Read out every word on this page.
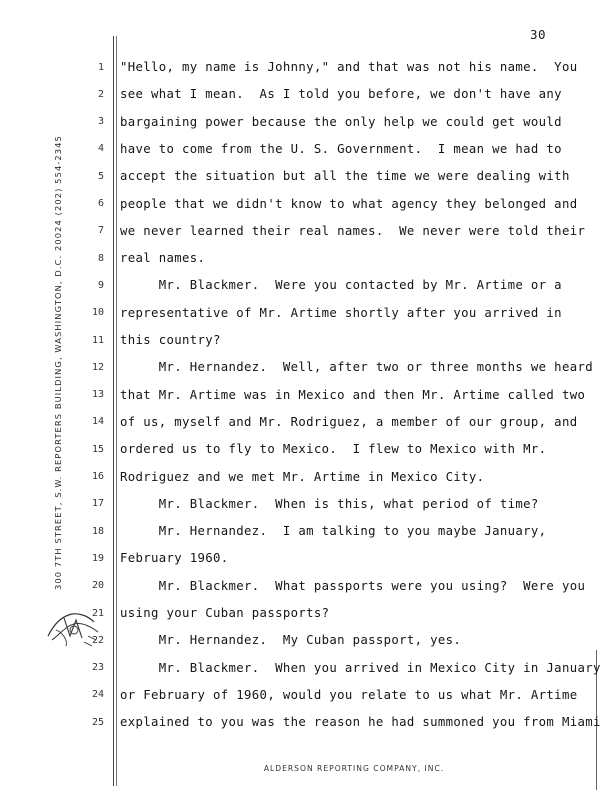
30
300 7TH STREET, S.W. REPORTERS BUILDING, WASHINGTON, D.C. 20024 (202) 554-2345
1 "Hello, my name is Johnny," and that was not his name.  You
2 see what I mean.  As I told you before, we don't have any
3 bargaining power because the only help we could get would
4 have to come from the U. S. Government.  I mean we had to
5 accept the situation but all the time we were dealing with
6 people that we didn't know to what agency they belonged and
7 we never learned their real names.  We never were told their
8 real names.
9 Mr. Blackmer.  Were you contacted by Mr. Artime or a
10 representative of Mr. Artime shortly after you arrived in
11 this country?
12 Mr. Hernandez.  Well, after two or three months we heard
13 that Mr. Artime was in Mexico and then Mr. Artime called two
14 of us, myself and Mr. Rodriguez, a member of our group, and
15 ordered us to fly to Mexico.  I flew to Mexico with Mr.
16 Rodriguez and we met Mr. Artime in Mexico City.
17 Mr. Blackmer.  When is this, what period of time?
18 Mr. Hernandez.  I am talking to you maybe January,
19 February 1960.
20 Mr. Blackmer.  What passports were you using?  Were you
21 using your Cuban passports?
22 Mr. Hernandez.  My Cuban passport, yes.
23 Mr. Blackmer.  When you arrived in Mexico City in January
24 or February of 1960, would you relate to us what Mr. Artime
25 explained to you was the reason he had summoned you from Miami
ALDERSON REPORTING COMPANY, INC.
